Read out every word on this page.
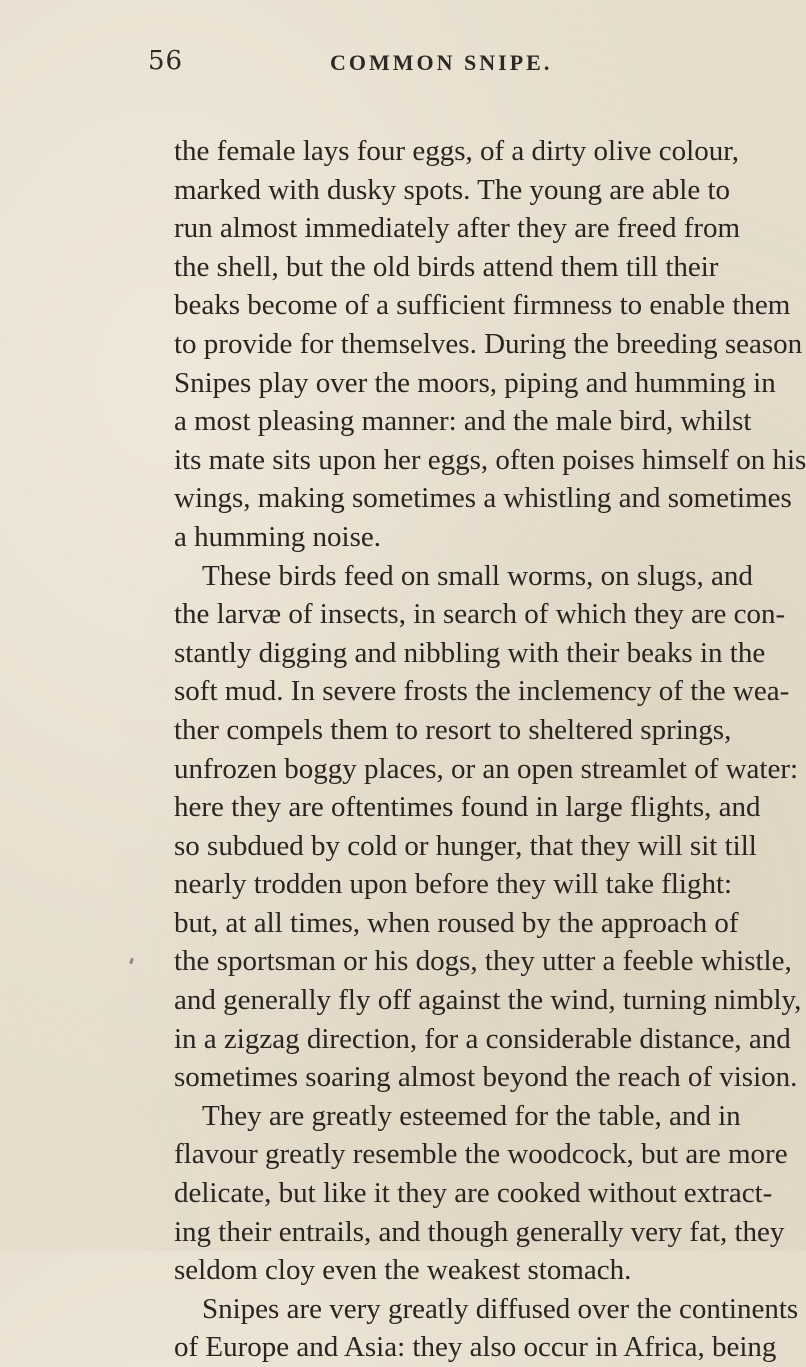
56	COMMON SNIPE.
the female lays four eggs, of a dirty olive colour,
marked with dusky spots. The young are able to
run almost immediately after they are freed from
the shell, but the old birds attend them till their
beaks become of a sufficient firmness to enable them
to provide for themselves. During the breeding season
Snipes play over the moors, piping and humming in
a most pleasing manner: and the male bird, whilst
its mate sits upon her eggs, often poises himself on his
wings, making sometimes a whistling and sometimes
a humming noise.
These birds feed on small worms, on slugs, and
the larvæ of insects, in search of which they are con-
stantly digging and nibbling with their beaks in the
soft mud. In severe frosts the inclemency of the wea-
ther compels them to resort to sheltered springs,
unfrozen boggy places, or an open streamlet of water:
here they are oftentimes found in large flights, and
so subdued by cold or hunger, that they will sit till
nearly trodden upon before they will take flight:
but, at all times, when roused by the approach of
the sportsman or his dogs, they utter a feeble whistle,
and generally fly off against the wind, turning nimbly,
in a zigzag direction, for a considerable distance, and
sometimes soaring almost beyond the reach of vision.
They are greatly esteemed for the table, and in
flavour greatly resemble the woodcock, but are more
delicate, but like it they are cooked without extract-
ing their entrails, and though generally very fat, they
seldom cloy even the weakest stomach.
Snipes are very greatly diffused over the continents
of Europe and Asia: they also occur in Africa, being
